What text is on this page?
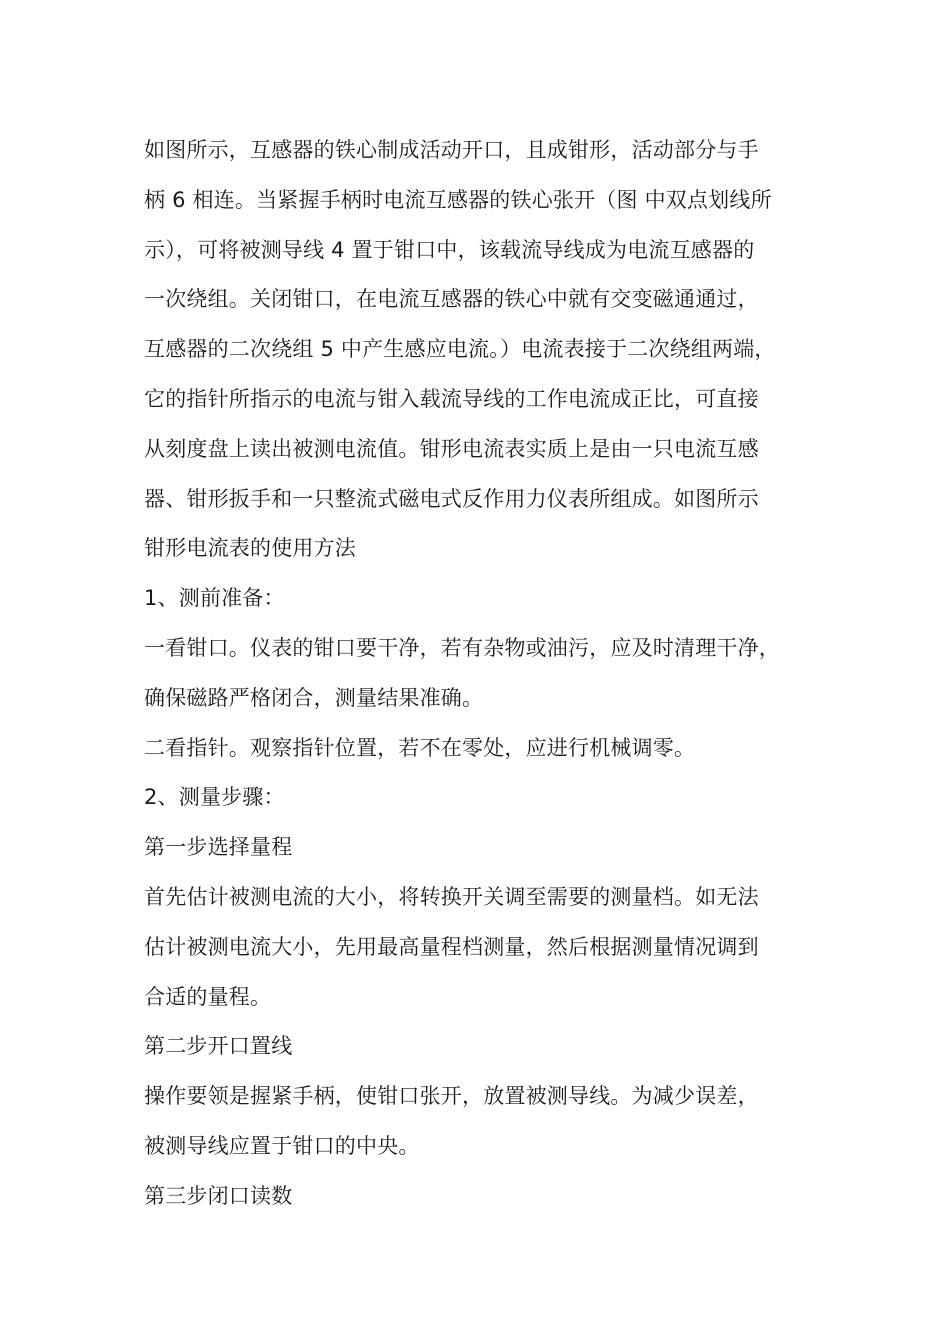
如图所示，互感器的铁心制成活动开口，且成钳形，活动部分与手
柄 6 相连。当紧握手柄时电流互感器的铁心张开（图 中双点划线所
示），可将被测导线 4 置于钳口中，该载流导线成为电流互感器的
一次绕组。关闭钳口，在电流互感器的铁心中就有交变磁通通过，
互感器的二次绕组 5 中产生感应电流。）电流表接于二次绕组两端，
它的指针所指示的电流与钳入载流导线的工作电流成正比，可直接
从刻度盘上读出被测电流值。钳形电流表实质上是由一只电流互感
器、钳形扳手和一只整流式磁电式反作用力仪表所组成。如图所示
钳形电流表的使用方法
1、测前准备：
一看钳口。仪表的钳口要干净，若有杂物或油污，应及时清理干净，
确保磁路严格闭合，测量结果准确。
二看指针。观察指针位置，若不在零处，应进行机械调零。
2、测量步骤：
第一步选择量程
首先估计被测电流的大小，将转换开关调至需要的测量档。如无法
估计被测电流大小，先用最高量程档测量，然后根据测量情况调到
合适的量程。
第二步开口置线
操作要领是握紧手柄，使钳口张开，放置被测导线。为减少误差，
被测导线应置于钳口的中央。
第三步闭口读数
